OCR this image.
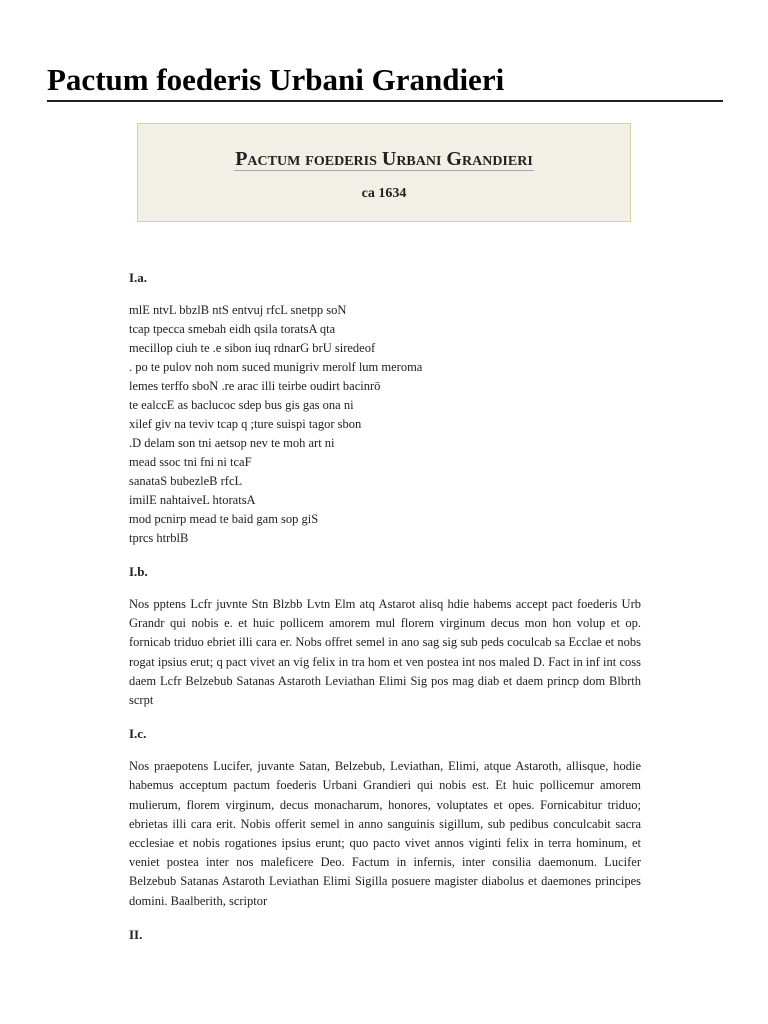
Pactum foederis Urbani Grandieri
Pactum foederis Urbani Grandieri
ca 1634
I.a.
mlE ntvL bbzlB ntS entvuj rfcL snetpp soN
tcap tpecca smebah eidh qsila toratsA qta
mecillop ciuh te .e sibon iuq rdnarG brU siredeof
. po te pulov noh nom suced munigriv merolf lum meroma
lemes terffo sboN .re arac illi teirbe oudirt bacinrō
te ealccE as baclucoc sdep bus gis gas ona ni
xilef giv na teviv tcap q ;ture suispi tagor sbon
.D delam son tni aetsop nev te moh art ni
mead ssoc tni fni ni tcaF
sanataS bubezleB rfcL
imilE nahtaiveL htoratsA
mod pcnirp mead te baid gam sop giS
tprcs htrblB
I.b.

Nos pptens Lcfr juvnte Stn Blzbb Lvtn Elm atq Astarot alisq hdie habems accept pact foederis Urb Grandr qui nobis e. et huic pollicem amorem mul florem virginum decus mon hon volup et op. fornicab triduo ebriet illi cara er. Nobs offret semel in ano sag sig sub peds coculcab sa Ecclae et nobs rogat ipsius erut; q pact vivet an vig felix in tra hom et ven postea int nos maled D. Fact in inf int coss daem Lcfr Belzebub Satanas Astaroth Leviathan Elimi Sig pos mag diab et daem princp dom Blbrth scrpt

I.c.

Nos praepotens Lucifer, juvante Satan, Belzebub, Leviathan, Elimi, atque Astaroth, allisque, hodie habemus acceptum pactum foederis Urbani Grandieri qui nobis est. Et huic pollicemur amorem mulierum, florem virginum, decus monacharum, honores, voluptates et opes. Fornicabitur triduo; ebrietas illi cara erit. Nobis offerit semel in anno sanguinis sigillum, sub pedibus conculcabit sacra ecclesiae et nobis rogationes ipsius erunt; quo pacto vivet annos viginti felix in terra hominum, et veniet postea inter nos maleficere Deo. Factum in infernis, inter consilia daemonum. Lucifer Belzebub Satanas Astaroth Leviathan Elimi Sigilla posuere magister diabolus et daemones principes domini. Baalberith, scriptor

II.
